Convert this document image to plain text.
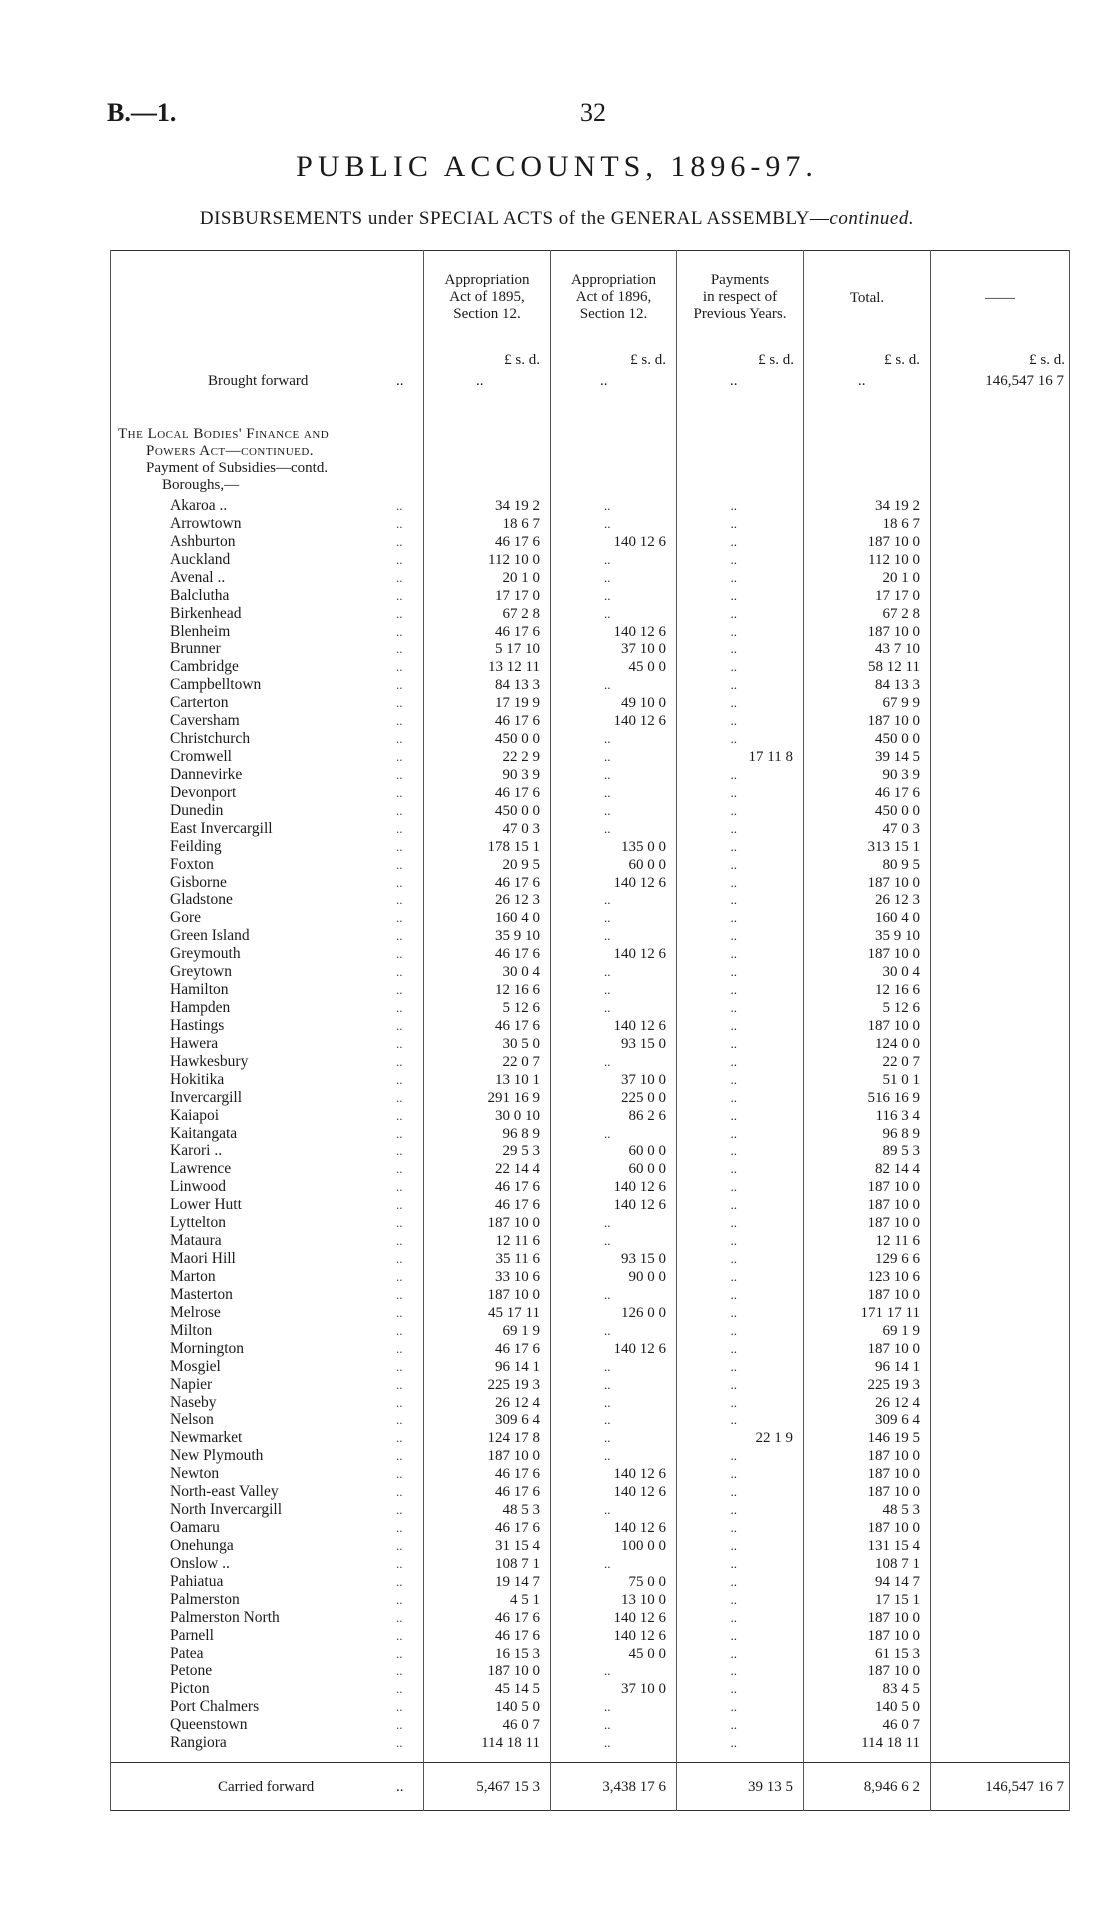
B.—1.	32
PUBLIC ACCOUNTS, 1896-97.
DISBURSEMENTS under SPECIAL ACTS of the GENERAL ASSEMBLY—continued.
Appropriation
Act of 1895,
Section 12.
Appropriation
Act of 1896,
Section 12.
Payments
in respect of
Previous Years.
Total.	——
£ s. d.	£ s. d.	£ s. d.	£ s. d.	£ s. d.
Brought forward	..	..	..	..	..	146,547 16 7
The Local Bodies' Finance and
Powers Act—continued.
Payment of Subsidies—contd.
Boroughs,—
Akaroa ..	..	34 19 2	..	..	34 19 2
Arrowtown	..	18 6 7	..	..	18 6 7
Ashburton	..	46 17 6	140 12 6	..	187 10 0
Auckland	..	112 10 0	..	..	112 10 0
Avenal ..	..	20 1 0	..	..	20 1 0
Balclutha	..	17 17 0	..	..	17 17 0
Birkenhead	..	67 2 8	..	..	67 2 8
Blenheim	..	46 17 6	140 12 6	..	187 10 0
Brunner	..	5 17 10	37 10 0	..	43 7 10
Cambridge	..	13 12 11	45 0 0	..	58 12 11
Campbelltown	..	84 13 3	..	..	84 13 3
Carterton	..	17 19 9	49 10 0	..	67 9 9
Caversham	..	46 17 6	140 12 6	..	187 10 0
Christchurch	..	450 0 0	..	..	450 0 0
Cromwell	..	22 2 9	..	17 11 8	39 14 5
Dannevirke	..	90 3 9	..	..	90 3 9
Devonport	..	46 17 6	..	..	46 17 6
Dunedin	..	450 0 0	..	..	450 0 0
East Invercargill	..	47 0 3	..	..	47 0 3
Feilding	..	178 15 1	135 0 0	..	313 15 1
Foxton	..	20 9 5	60 0 0	..	80 9 5
Gisborne	..	46 17 6	140 12 6	..	187 10 0
Gladstone	..	26 12 3	..	..	26 12 3
Gore	..	160 4 0	..	..	160 4 0
Green Island	..	35 9 10	..	..	35 9 10
Greymouth	..	46 17 6	140 12 6	..	187 10 0
Greytown	..	30 0 4	..	..	30 0 4
Hamilton	..	12 16 6	..	..	12 16 6
Hampden	..	5 12 6	..	..	5 12 6
Hastings	..	46 17 6	140 12 6	..	187 10 0
Hawera	..	30 5 0	93 15 0	..	124 0 0
Hawkesbury	..	22 0 7	..	..	22 0 7
Hokitika	..	13 10 1	37 10 0	..	51 0 1
Invercargill	..	291 16 9	225 0 0	..	516 16 9
Kaiapoi	..	30 0 10	86 2 6	..	116 3 4
Kaitangata	..	96 8 9	..	..	96 8 9
Karori ..	..	29 5 3	60 0 0	..	89 5 3
Lawrence	..	22 14 4	60 0 0	..	82 14 4
Linwood	..	46 17 6	140 12 6	..	187 10 0
Lower Hutt	..	46 17 6	140 12 6	..	187 10 0
Lyttelton	..	187 10 0	..	..	187 10 0
Mataura	..	12 11 6	..	..	12 11 6
Maori Hill	..	35 11 6	93 15 0	..	129 6 6
Marton	..	33 10 6	90 0 0	..	123 10 6
Masterton	..	187 10 0	..	..	187 10 0
Melrose	..	45 17 11	126 0 0	..	171 17 11
Milton	..	69 1 9	..	..	69 1 9
Mornington	..	46 17 6	140 12 6	..	187 10 0
Mosgiel	..	96 14 1	..	..	96 14 1
Napier	..	225 19 3	..	..	225 19 3
Naseby	..	26 12 4	..	..	26 12 4
Nelson	..	309 6 4	..	..	309 6 4
Newmarket	..	124 17 8	..	22 1 9	146 19 5
New Plymouth	..	187 10 0	..	..	187 10 0
Newton	..	46 17 6	140 12 6	..	187 10 0
North-east Valley	..	46 17 6	140 12 6	..	187 10 0
North Invercargill	..	48 5 3	..	..	48 5 3
Oamaru	..	46 17 6	140 12 6	..	187 10 0
Onehunga	..	31 15 4	100 0 0	..	131 15 4
Onslow ..	..	108 7 1	..	..	108 7 1
Pahiatua	..	19 14 7	75 0 0	..	94 14 7
Palmerston	..	4 5 1	13 10 0	..	17 15 1
Palmerston North	..	46 17 6	140 12 6	..	187 10 0
Parnell	..	46 17 6	140 12 6	..	187 10 0
Patea	..	16 15 3	45 0 0	..	61 15 3
Petone	..	187 10 0	..	..	187 10 0
Picton	..	45 14 5	37 10 0	..	83 4 5
Port Chalmers	..	140 5 0	..	..	140 5 0
Queenstown	..	46 0 7	..	..	46 0 7
Rangiora	..	114 18 11	..	..	114 18 11
Carried forward	..	5,467 15 3	3,438 17 6	39 13 5	8,946 6 2	146,547 16 7
